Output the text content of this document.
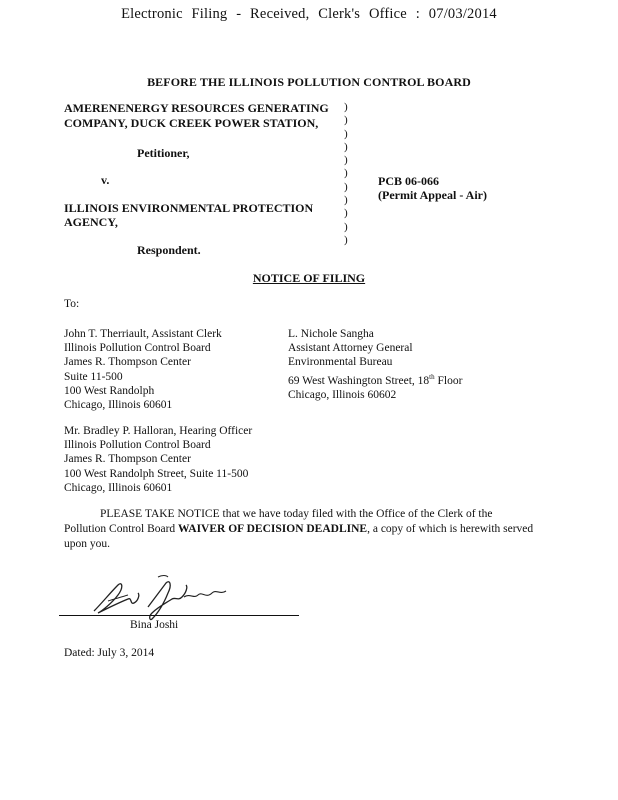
Electronic Filing - Received, Clerk's Office : 07/03/2014
BEFORE THE ILLINOIS POLLUTION CONTROL BOARD
AMERENENERGY RESOURCES GENERATING
COMPANY, DUCK CREEK POWER STATION,
Petitioner,
v.
ILLINOIS ENVIRONMENTAL PROTECTION
AGENCY,
Respondent.
)
)
)
)
)
)
)
)
)
)
)
PCB 06-066
(Permit Appeal - Air)
NOTICE OF FILING
To:
John T. Therriault, Assistant Clerk
Illinois Pollution Control Board
James R. Thompson Center
Suite 11-500
100 West Randolph
Chicago, Illinois 60601
L. Nichole Sangha
Assistant Attorney General
Environmental Bureau
69 West Washington Street, 18th Floor
Chicago, Illinois 60602
Mr. Bradley P. Halloran, Hearing Officer
Illinois Pollution Control Board
James R. Thompson Center
100 West Randolph Street, Suite 11-500
Chicago, Illinois 60601
PLEASE TAKE NOTICE that we have today filed with the Office of the Clerk of the Pollution Control Board WAIVER OF DECISION DEADLINE, a copy of which is herewith served upon you.
Bina Joshi
Dated: July 3, 2014
